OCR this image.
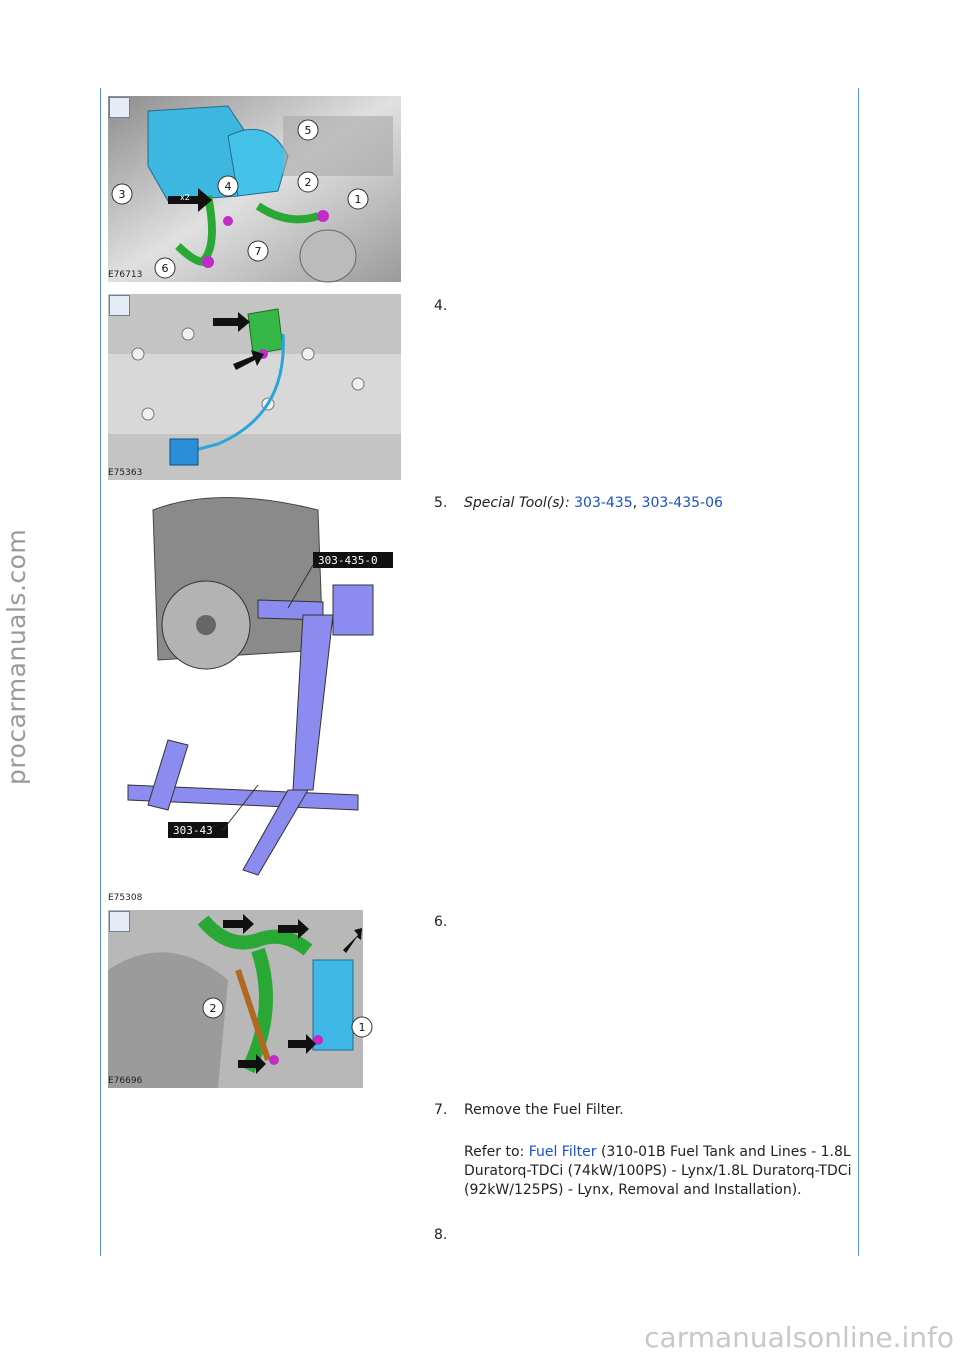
procarmanuals.com
carmanualsonline.info
x2	1
2
3
4
5
6
7
E76713
E75363
4.
303-435-0
303-43
E75308
5. Special Tool(s): 303-435, 303-435-06
1
2
E76696
6.
7. Remove the Fuel Filter.
Refer to: Fuel Filter (310-01B Fuel Tank and Lines - 1.8L Duratorq-TDCi (74kW/100PS) - Lynx/1.8L Duratorq-TDCi (92kW/125PS) - Lynx, Removal and Installation).
8.
